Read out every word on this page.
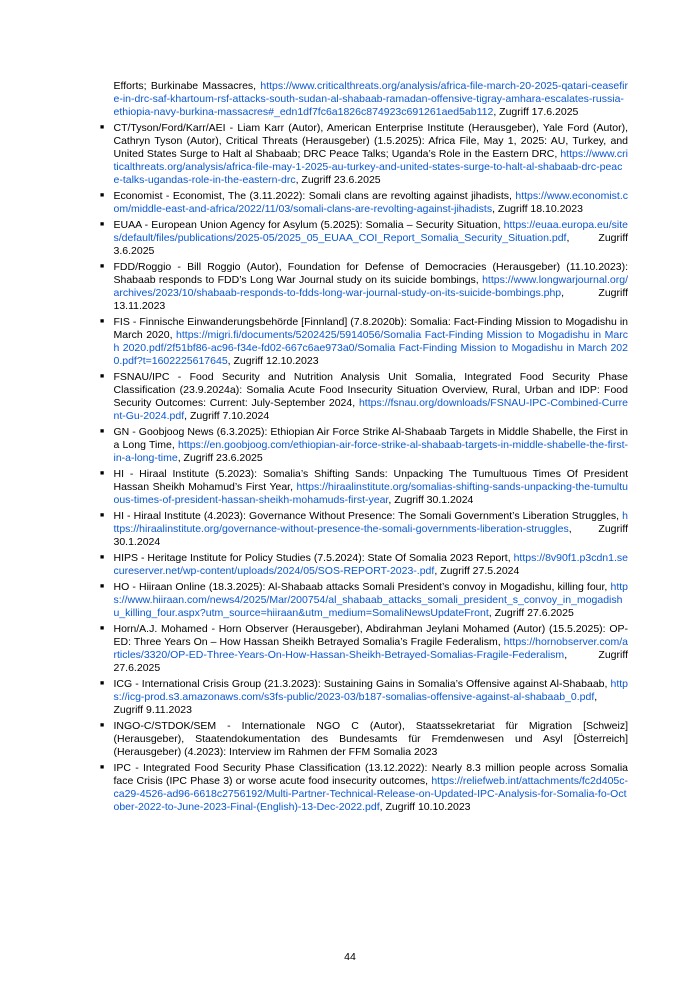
Efforts; Burkinabe Massacres, https://www.criticalthreats.org/analysis/africa-file-march-20-2025-qatari-ceasefire-in-drc-saf-khartoum-rsf-attacks-south-sudan-al-shabaab-ramadan-offensive-tigray-amhara-escalates-russia-ethiopia-navy-burkina-massacres#_edn1df7fc6a1826c874923c691261aed5ab112, Zugriff 17.6.2025
■ CT/Tyson/Ford/Karr/AEI - Liam Karr (Autor), American Enterprise Institute (Herausgeber), Yale Ford (Autor), Cathryn Tyson (Autor), Critical Threats (Herausgeber) (1.5.2025): Africa File, May 1, 2025: AU, Turkey, and United States Surge to Halt al Shabaab; DRC Peace Talks; Uganda’s Role in the Eastern DRC, https://www.criticalthreats.org/analysis/africa-file-may-1-2025-au-turkey-and-united-states-surge-to-halt-al-shabaab-drc-peace-talks-ugandas-role-in-the-eastern-drc, Zugriff 23.6.2025
■ Economist - Economist, The (3.11.2022): Somali clans are revolting against jihadists, https://www.economist.com/middle-east-and-africa/2022/11/03/somali-clans-are-revolting-against-jihadists, Zugriff 18.10.2023
■ EUAA - European Union Agency for Asylum (5.2025): Somalia – Security Situation, https://euaa.europa.eu/sites/default/files/publications/2025-05/2025_05_EUAA_COI_Report_Somalia_Security_Situation.pdf, Zugriff 3.6.2025
■ FDD/Roggio - Bill Roggio (Autor), Foundation for Defense of Democracies (Herausgeber) (11.10.2023): Shabaab responds to FDD’s Long War Journal study on its suicide bombings, https://www.longwarjournal.org/archives/2023/10/shabaab-responds-to-fdds-long-war-journal-study-on-its-suicide-bombings.php, Zugriff 13.11.2023
■ FIS - Finnische Einwanderungsbehörde [Finnland] (7.8.2020b): Somalia: Fact-Finding Mission to Mogadishu in March 2020, https://migri.fi/documents/5202425/5914056/Somalia Fact-Finding Mission to Mogadishu in March 2020.pdf/2f51bf86-ac96-f34e-fd02-667c6ae973a0/Somalia Fact-Finding Mission to Mogadishu in March 2020.pdf?t=1602225617645, Zugriff 12.10.2023
■ FSNAU/IPC - Food Security and Nutrition Analysis Unit Somalia, Integrated Food Security Phase Classification (23.9.2024a): Somalia Acute Food Insecurity Situation Overview, Rural, Urban and IDP: Food Security Outcomes: Current: July-September 2024, https://fsnau.org/downloads/FSNAU-IPC-Combined-Current-Gu-2024.pdf, Zugriff 7.10.2024
■ GN - Goobjoog News (6.3.2025): Ethiopian Air Force Strike Al-Shabaab Targets in Middle Shabelle, the First in a Long Time, https://en.goobjoog.com/ethiopian-air-force-strike-al-shabaab-targets-in-middle-shabelle-the-first-in-a-long-time, Zugriff 23.6.2025
■ HI - Hiraal Institute (5.2023): Somalia’s Shifting Sands: Unpacking The Tumultuous Times Of President Hassan Sheikh Mohamud’s First Year, https://hiraalinstitute.org/somalias-shifting-sands-unpacking-the-tumultuous-times-of-president-hassan-sheikh-mohamuds-first-year, Zugriff 30.1.2024
■ HI - Hiraal Institute (4.2023): Governance Without Presence: The Somali Government’s Liberation Struggles, https://hiraalinstitute.org/governance-without-presence-the-somali-governments-liberation-struggles, Zugriff 30.1.2024
■ HIPS - Heritage Institute for Policy Studies (7.5.2024): State Of Somalia 2023 Report, https://8v90f1.p3cdn1.secureserver.net/wp-content/uploads/2024/05/SOS-REPORT-2023-.pdf, Zugriff 27.5.2024
■ HO - Hiiraan Online (18.3.2025): Al-Shabaab attacks Somali President’s convoy in Mogadishu, killing four, https://www.hiiraan.com/news4/2025/Mar/200754/al_shabaab_attacks_somali_president_s_convoy_in_mogadishu_killing_four.aspx?utm_source=hiiraan&utm_medium=SomaliNewsUpdateFront, Zugriff 27.6.2025
■ Horn/A.J. Mohamed - Horn Observer (Herausgeber), Abdirahman Jeylani Mohamed (Autor) (15.5.2025): OP-ED: Three Years On – How Hassan Sheikh Betrayed Somalia’s Fragile Federalism, https://hornobserver.com/articles/3320/OP-ED-Three-Years-On-How-Hassan-Sheikh-Betrayed-Somalias-Fragile-Federalism, Zugriff 27.6.2025
■ ICG - International Crisis Group (21.3.2023): Sustaining Gains in Somalia’s Offensive against Al-Shabaab, https://icg-prod.s3.amazonaws.com/s3fs-public/2023-03/b187-somalias-offensive-against-al-shabaab_0.pdf, Zugriff 9.11.2023
■ INGO-C/STDOK/SEM - Internationale NGO C (Autor), Staatssekretariat für Migration [Schweiz] (Herausgeber), Staatendokumentation des Bundesamts für Fremdenwesen und Asyl [Österreich] (Herausgeber) (4.2023): Interview im Rahmen der FFM Somalia 2023
■ IPC - Integrated Food Security Phase Classification (13.12.2022): Nearly 8.3 million people across Somalia face Crisis (IPC Phase 3) or worse acute food insecurity outcomes, https://reliefweb.int/attachments/fc2d405c-ca29-4526-ad96-6618c2756192/Multi-Partner-Technical-Release-on-Updated-IPC-Analysis-for-Somalia-fo-October-2022-to-June-2023-Final-(English)-13-Dec-2022.pdf, Zugriff 10.10.2023
44
